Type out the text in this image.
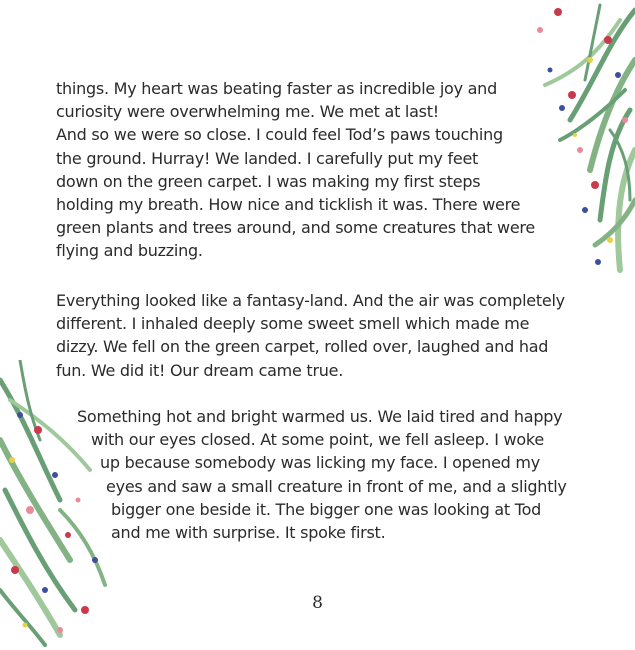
things. My heart was beating faster as incredible joy and
curiosity were overwhelming me. We met at last!
And so we were so close. I could feel Tod’s paws touching
the ground. Hurray! We landed. I carefully put my feet
down on the green carpet. I was making my first steps
holding my breath. How nice and ticklish it was. There were
green plants and trees around, and some creatures that were
flying and buzzing.
Everything looked like a fantasy-land. And the air was completely
different. I inhaled deeply some sweet smell which made me
dizzy. We fell on the green carpet, rolled over, laughed and had
fun. We did it! Our dream came true.
Something hot and bright warmed us. We laid tired and happy
with our eyes closed. At some point, we fell asleep. I woke
up because somebody was licking my face. I opened my
eyes and saw a small creature in front of me, and a slightly
bigger one beside it. The bigger one was looking at Tod
and me with surprise. It spoke first.
8
